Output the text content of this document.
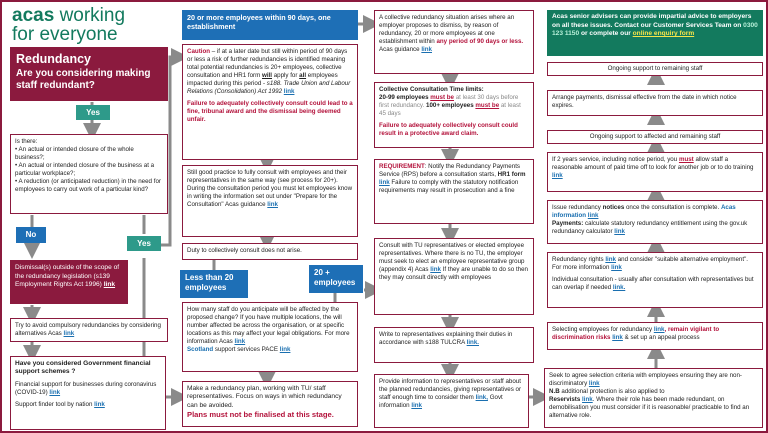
acas working
for everyone
Redundancy
Are you considering making staff redundant?
Yes

Is there:

• An actual or intended closure of the whole business?;

• An actual or intended closure of the business at a particular workplace?;

• A reduction (or anticipated reduction) in the need for employees to carry out work of a particular kind?

No
Yes
Dismissal(s) outside of the scope of the redundancy legislation (s139 Employment Rights Act 1996) link
Try to avoid compulsory redundancies by considering alternatives Acas link

Have you considered Government financial support schemes ?

Financial support for businesses during coronavirus (COVID-19) link

Support finder tool by nation link

20 or more employees within 90 days, one establishment

Caution – if at a later date but still within period of 90 days or less a risk of further redundancies is identified meaning total potential redundancies is 20+ employees, collective consultation and HR1 form will apply for all employees impacted during this period - s188. Trade Union and Labour Relations (Consolidation) Act 1992 link

Failure to adequately collectively consult could lead to a fine, tribunal award and the dismissal being deemed unfair.

Still good practice to fully consult with employees and their representatives in the same way (see process for 20+). During the consultation period you must let employees know in writing the information set out under "Prepare for the Consultation" Acas guidance link
Duty to collectively consult does not arise.
Less than 20 employees
20 + employees
How many staff do you anticipate will be affected by the proposed change? If you have multiple locations, the will number affected be across the organisation, or at specific locations as this may affect your legal obligations. For more information Acas link
Scotland support services PACE link

Make a redundancy plan, working with TU/ staff representatives. Focus on ways in which redundancy can be avoided.

Plans must not be finalised at this stage.

A collective redundancy situation arises where an employer proposes to dismiss, by reason of redundancy, 20 or more employees at one establishment within any period of 90 days or less. Acas guidance link

Collective Consultation Time limits:

20-99 employees must be at least 30 days before first redundancy. 100+ employees must be at least 45 days

Failure to adequately collectively consult could result in a protective award claim.

REQUIREMENT: Notify the Redundancy Payments Service (RPS) before a consultation starts, HR1 form link Failure to comply with the statutory notification requirements may result in prosecution and a fine
Consult with TU representatives or elected employee representatives. Where there is no TU, the employer must seek to elect an employee representative group (appendix 4) Acas link If they are unable to do so then they may consult directly with employees
Write to representatives explaining their duties in accordance with s188 TULCRA link.
Provide information to representatives or staff about the planned redundancies, giving representatives or staff enough time to consider them link, Govt information link
Acas senior advisers can provide impartial advice to employers on all these issues. Contact our Customer Services Team on 0300 123 1150 or complete our online enquiry form
Ongoing support to remaining staff
Arrange payments, dismissal effective from the date in which notice expires.
Ongoing support to affected and remaining staff
If 2 years service, including notice period, you must allow staff a reasonable amount of paid time off to look for another job or to do training link
Issue redundancy notices once the consultation is complete. Acas information link
Payments: calculate statutory redundancy entitlement using the gov.uk redundancy calculator link

Redundancy rights link and consider "suitable alternative employment". For more information link

Individual consultation - usually after consultation with representatives but can overlap if needed link.

Selecting employees for redundancy link, remain vigilant to discrimination risks link & set up an appeal process
Seek to agree selection criteria with employees ensuring they are non-discriminatory link
N.B additional protection is also applied to
Reservists link. Where their role has been made redundant, on demobilisation you must consider if it is reasonable/ practicable to find an alternative role.
